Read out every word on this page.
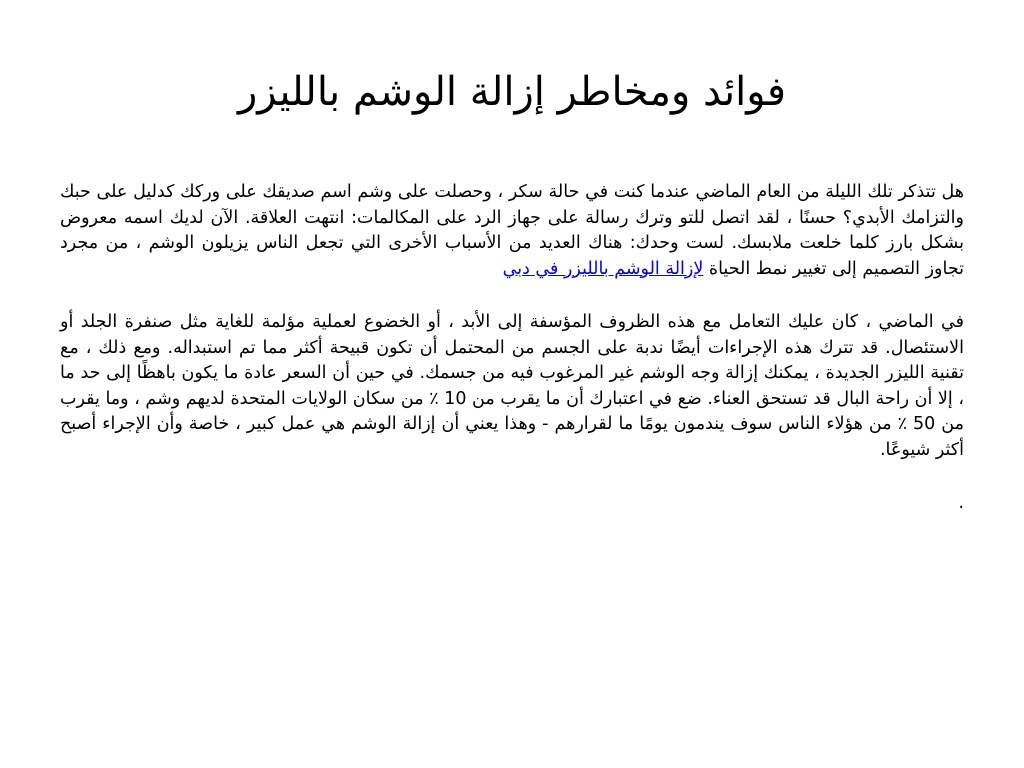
فوائد ومخاطر إزالة الوشم بالليزر

هل تتذكر تلك الليلة من العام الماضي عندما كنت في حالة سكر ، وحصلت على وشم اسم صديقك على وركك كدليل على حبك والتزامك الأبدي؟ حسنًا ، لقد اتصل للتو وترك رسالة على جهاز الرد على المكالمات: انتهت العلاقة. الآن لديك اسمه معروض بشكل بارز كلما خلعت ملابسك. لست وحدك: هناك العديد من الأسباب الأخرى التي تجعل الناس يزيلون الوشم ، من مجرد تجاوز التصميم إلى تغيير نمط الحياة لإزالة الوشم بالليزر في دبي

في الماضي ، كان عليك التعامل مع هذه الظروف المؤسفة إلى الأبد ، أو الخضوع لعملية مؤلمة للغاية مثل صنفرة الجلد أو الاستئصال. قد تترك هذه الإجراءات أيضًا ندبة على الجسم من المحتمل أن تكون قبيحة أكثر مما تم استبداله. ومع ذلك ، مع تقنية الليزر الجديدة ، يمكنك إزالة وجه الوشم غير المرغوب فيه من جسمك. في حين أن السعر عادة ما يكون باهظًا إلى حد ما ، إلا أن راحة البال قد تستحق العناء. ضع في اعتبارك أن ما يقرب من 10 ٪ من سكان الولايات المتحدة لديهم وشم ، وما يقرب من 50 ٪ من هؤلاء الناس سوف يندمون يومًا ما لقرارهم - وهذا يعني أن إزالة الوشم هي عمل كبير ، خاصة وأن الإجراء أصبح أكثر شيوعًا.

.
